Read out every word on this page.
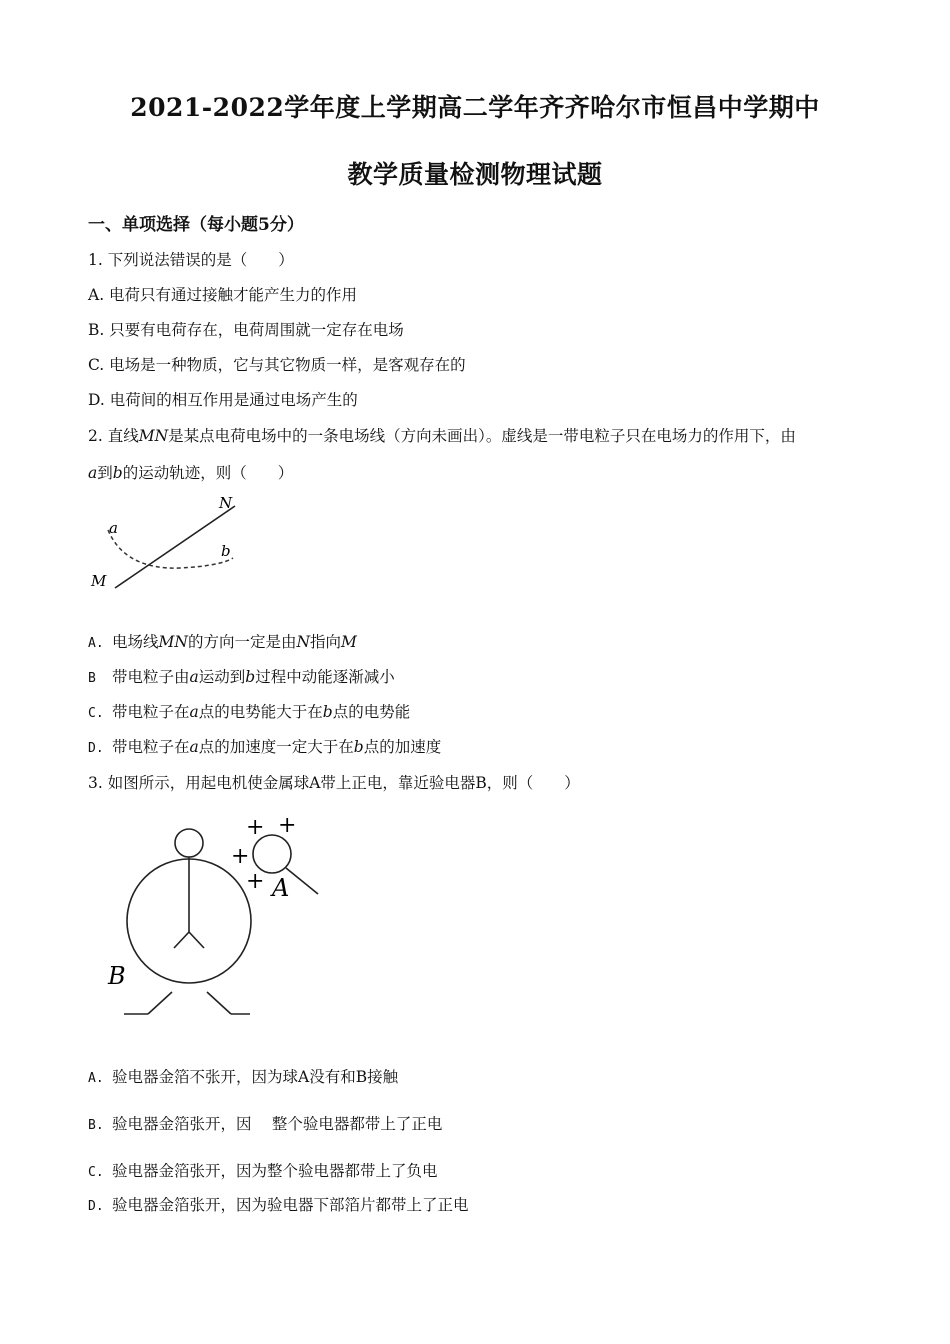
2021-2022学年度上学期高二学年齐齐哈尔市恒昌中学期中
教学质量检测物理试题
一、单项选择（每小题5分）
1. 下列说法错误的是（　　）
A. 电荷只有通过接触才能产生力的作用
B. 只要有电荷存在，电荷周围就一定存在电场
C. 电场是一种物质，它与其它物质一样，是客观存在的
D. 电荷间的相互作用是通过电场产生的
2. 直线MN是某点电荷电场中的一条电场线（方向未画出）。虚线是一带电粒子只在电场力的作用下，由
a到b的运动轨迹，则（　　）
N
M
a
b
A. 电场线MN的方向一定是由N指向M
B 带电粒子由a运动到b过程中动能逐渐减小
C. 带电粒子在a点的电势能大于在b点的电势能
D. 带电粒子在a点的加速度一定大于在b点的加速度
3. 如图所示，用起电机使金属球A带上正电，靠近验电器B，则（　　）
+ +
+
+ A
B
A. 验电器金箔不张开，因为球A没有和B接触
B. 验电器金箔张开，因　 整个验电器都带上了正电
C. 验电器金箔张开，因为整个验电器都带上了负电
D. 验电器金箔张开，因为验电器下部箔片都带上了正电
